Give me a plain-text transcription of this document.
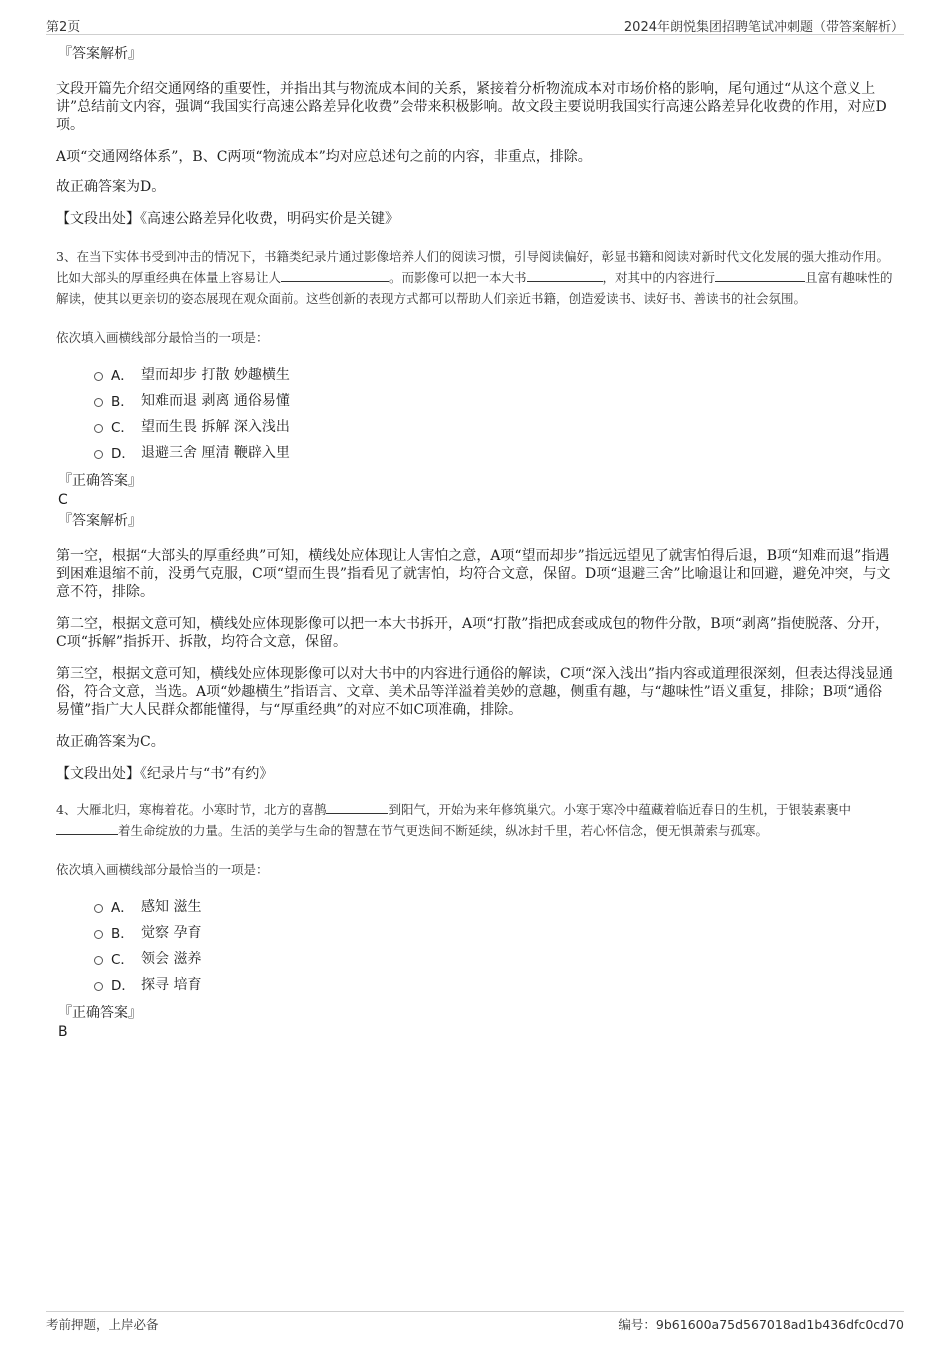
第2页	2024年朗悦集团招聘笔试冲刺题（带答案解析）
『答案解析』

文段开篇先介绍交通网络的重要性，并指出其与物流成本间的关系，紧接着分析物流成本对市场价格的影响，尾句通过“从这个意义上讲”总结前文内容，强调“我国实行高速公路差异化收费”会带来积极影响。故文段主要说明我国实行高速公路差异化收费的作用，对应D项。

A项“交通网络体系”，B、C两项“物流成本”均对应总述句之前的内容，非重点，排除。

故正确答案为D。

【文段出处】《高速公路差异化收费，明码实价是关键》

3、在当下实体书受到冲击的情况下，书籍类纪录片通过影像培养人们的阅读习惯，引导阅读偏好，彰显书籍和阅读对新时代文化发展的强大推动作用。比如大部头的厚重经典在体量上容易让人	。而影像可以把一本大书	，对其中的内容进行	且富有趣味性的解读，使其以更亲切的姿态展现在观众面前。这些创新的表现方式都可以帮助人们亲近书籍，创造爱读书、读好书、善读书的社会氛围。

依次填入画横线部分最恰当的一项是：

A． 望而却步 打散 妙趣横生
B． 知难而退 剥离 通俗易懂
C． 望而生畏 拆解 深入浅出
D． 退避三舍 厘清 鞭辟入里
『正确答案』
C
『答案解析』

第一空，根据“大部头的厚重经典”可知，横线处应体现让人害怕之意，A项“望而却步”指远远望见了就害怕得后退，B项“知难而退”指遇到困难退缩不前，没勇气克服，C项“望而生畏”指看见了就害怕，均符合文意，保留。D项“退避三舍”比喻退让和回避，避免冲突，与文意不符，排除。

第二空，根据文意可知，横线处应体现影像可以把一本大书拆开，A项“打散”指把成套或成包的物件分散，B项“剥离”指使脱落、分开，C项“拆解”指拆开、拆散，均符合文意，保留。

第三空，根据文意可知，横线处应体现影像可以对大书中的内容进行通俗的解读，C项“深入浅出”指内容或道理很深刻，但表达得浅显通俗，符合文意，当选。A项“妙趣横生”指语言、文章、美术品等洋溢着美妙的意趣，侧重有趣，与“趣味性”语义重复，排除；B项“通俗易懂”指广大人民群众都能懂得，与“厚重经典”的对应不如C项准确，排除。

故正确答案为C。

【文段出处】《纪录片与“书”有约》

4、大雁北归，寒梅着花。小寒时节，北方的喜鹊	到阳气，开始为来年修筑巢穴。小寒于寒冷中蕴藏着临近春日的生机，于银装素裹中着生命绽放的力量。生活的美学与生命的智慧在节气更迭间不断延续，纵冰封千里，若心怀信念，便无惧萧索与孤寒。

依次填入画横线部分最恰当的一项是：

A． 感知 滋生
B． 觉察 孕育
C． 领会 滋养
D． 探寻 培育
『正确答案』
B
考前押题，上岸必备	编号：9b61600a75d567018ad1b436dfc0cd70
